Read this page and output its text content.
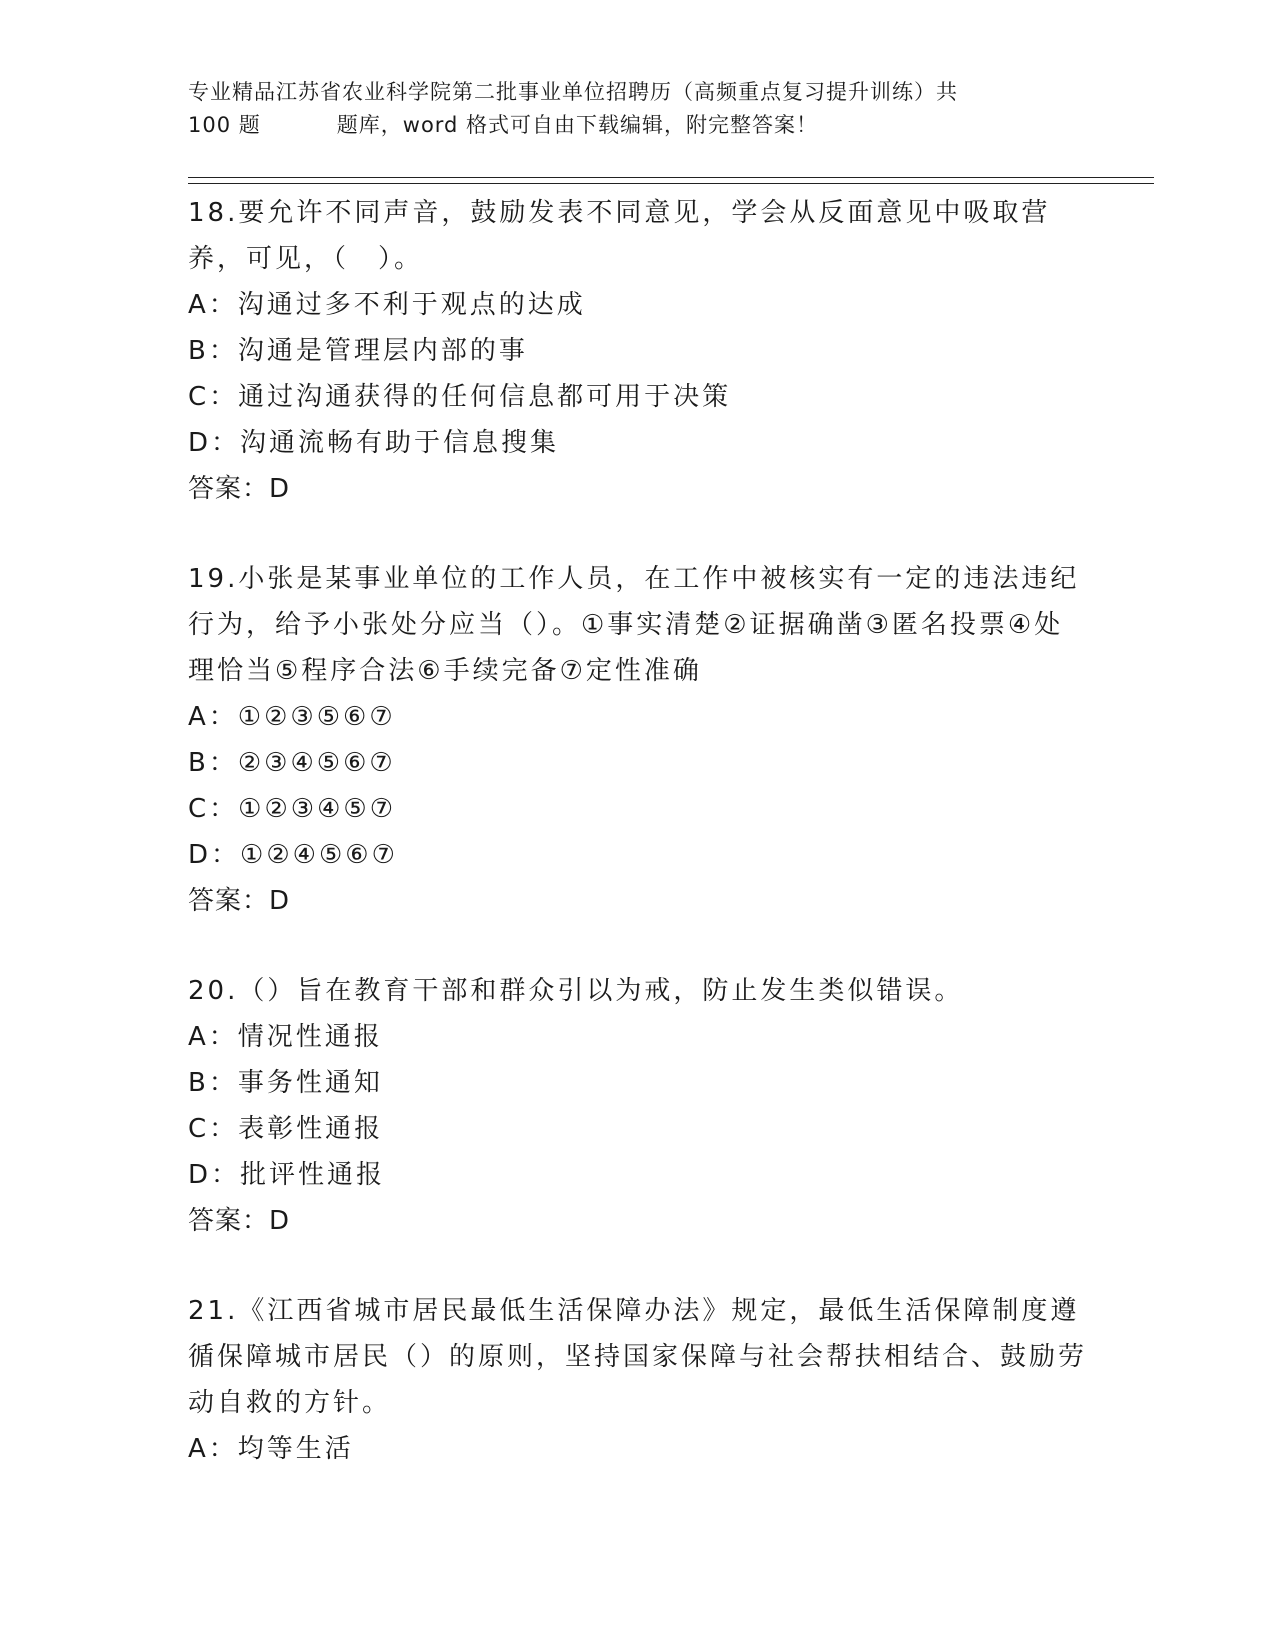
专业精品江苏省农业科学院第二批事业单位招聘历（高频重点复习提升训练）共

100 题	题库，word 格式可自由下载编辑，附完整答案！

18.要允许不同声音，鼓励发表不同意见，学会从反面意见中吸取营养，可见，（　）。

A：沟通过多不利于观点的达成

B：沟通是管理层内部的事

C：通过沟通获得的任何信息都可用于决策

D：沟通流畅有助于信息搜集

答案：D

19.小张是某事业单位的工作人员，在工作中被核实有一定的违法违纪行为，给予小张处分应当（）。①事实清楚②证据确凿③匿名投票④处理恰当⑤程序合法⑥手续完备⑦定性准确

A：①②③⑤⑥⑦

B：②③④⑤⑥⑦

C：①②③④⑤⑦

D：①②④⑤⑥⑦

答案：D

20.（）旨在教育干部和群众引以为戒，防止发生类似错误。

A：情况性通报

B：事务性通知

C：表彰性通报

D：批评性通报

答案：D

21.《江西省城市居民最低生活保障办法》规定，最低生活保障制度遵循保障城市居民（）的原则，坚持国家保障与社会帮扶相结合、鼓励劳动自救的方针。

A：均等生活
